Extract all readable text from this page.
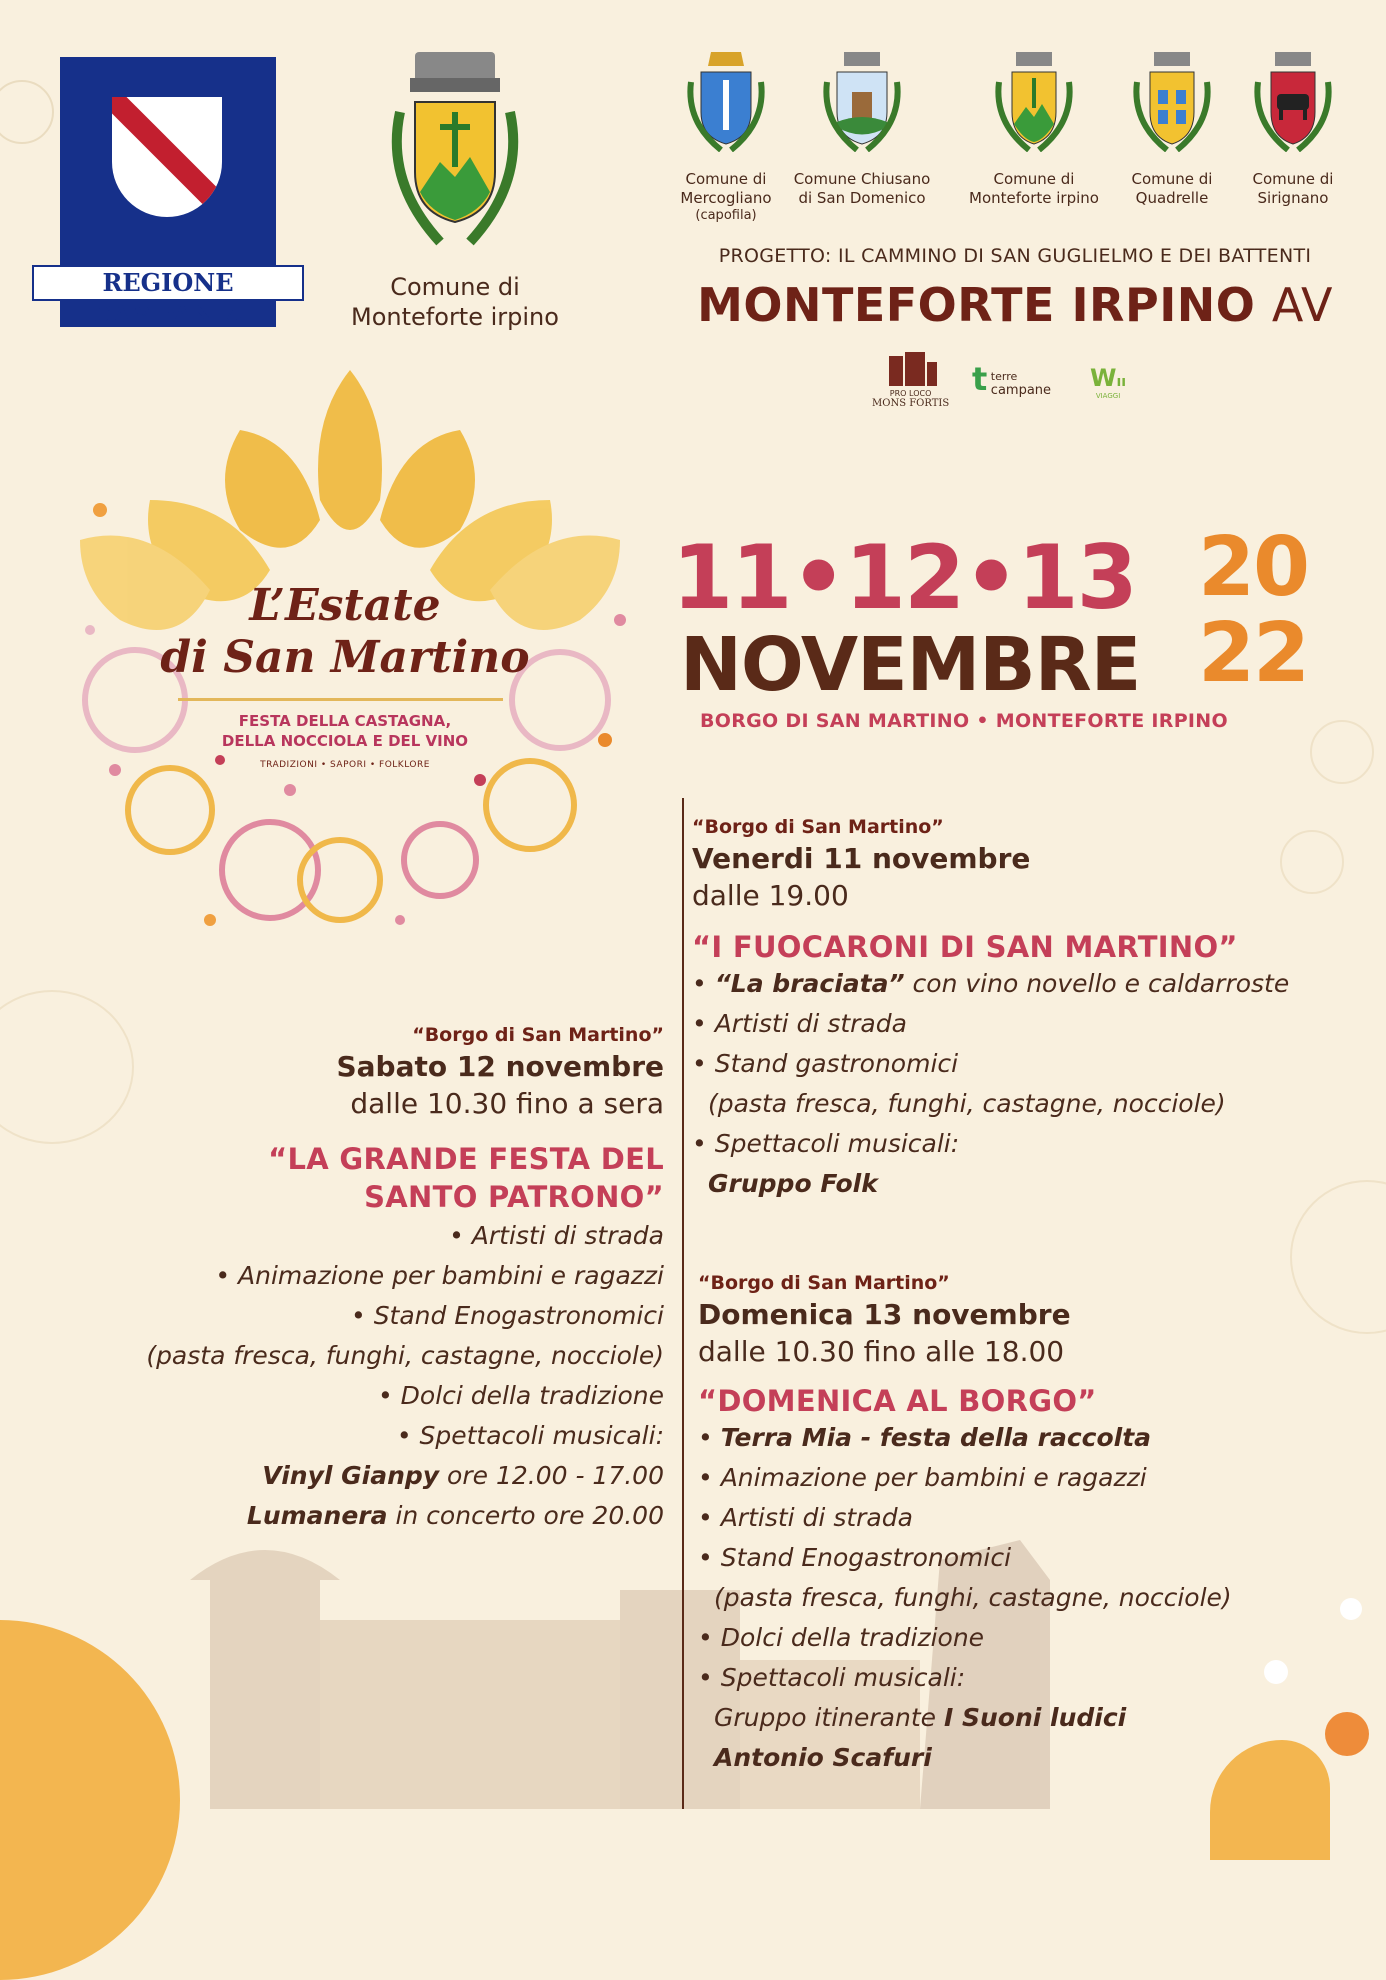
REGIONE CAMPANIA
Comune di
Monteforte irpino
Comune di
Mercogliano
(capofila)
Comune Chiusano
di San Domenico
Comune di
Monteforte irpino
Comune di
Quadrelle
Comune di
Sirignano
PROGETTO: IL CAMMINO DI SAN GUGLIELMO E DEI BATTENTI
MONTEFORTE IRPINO AV
PRO LOCO
MONS FORTIS
t terre
campane Wıı
VIAGGI
L’Estate
di San Martino
FESTA DELLA CASTAGNA,
DELLA NOCCIOLA E DEL VINO
TRADIZIONI • SAPORI • FOLKLORE
11•12•13
NOVEMBRE
20
22
BORGO DI SAN MARTINO • MONTEFORTE IRPINO
“Borgo di San Martino”
Venerdi 11 novembre
dalle 19.00
“I FUOCARONI DI SAN MARTINO”
• “La braciata” con vino novello e caldarroste
• Artisti di strada
• Stand gastronomici
(pasta fresca, funghi, castagne, nocciole)
• Spettacoli musicali:
Gruppo Folk
“Borgo di San Martino”
Sabato 12 novembre
dalle 10.30 fino a sera
“LA GRANDE FESTA DEL
SANTO PATRONO”
• Artisti di strada
• Animazione per bambini e ragazzi
• Stand Enogastronomici
(pasta fresca, funghi, castagne, nocciole)
• Dolci della tradizione
• Spettacoli musicali:
Vinyl Gianpy ore 12.00 - 17.00
Lumanera in concerto ore 20.00
“Borgo di San Martino”
Domenica 13 novembre
dalle 10.30 fino alle 18.00
“DOMENICA AL BORGO”
• Terra Mia - festa della raccolta
• Animazione per bambini e ragazzi
• Artisti di strada
• Stand Enogastronomici
(pasta fresca, funghi, castagne, nocciole)
• Dolci della tradizione
• Spettacoli musicali:
Gruppo itinerante I Suoni ludici
Antonio Scafuri
